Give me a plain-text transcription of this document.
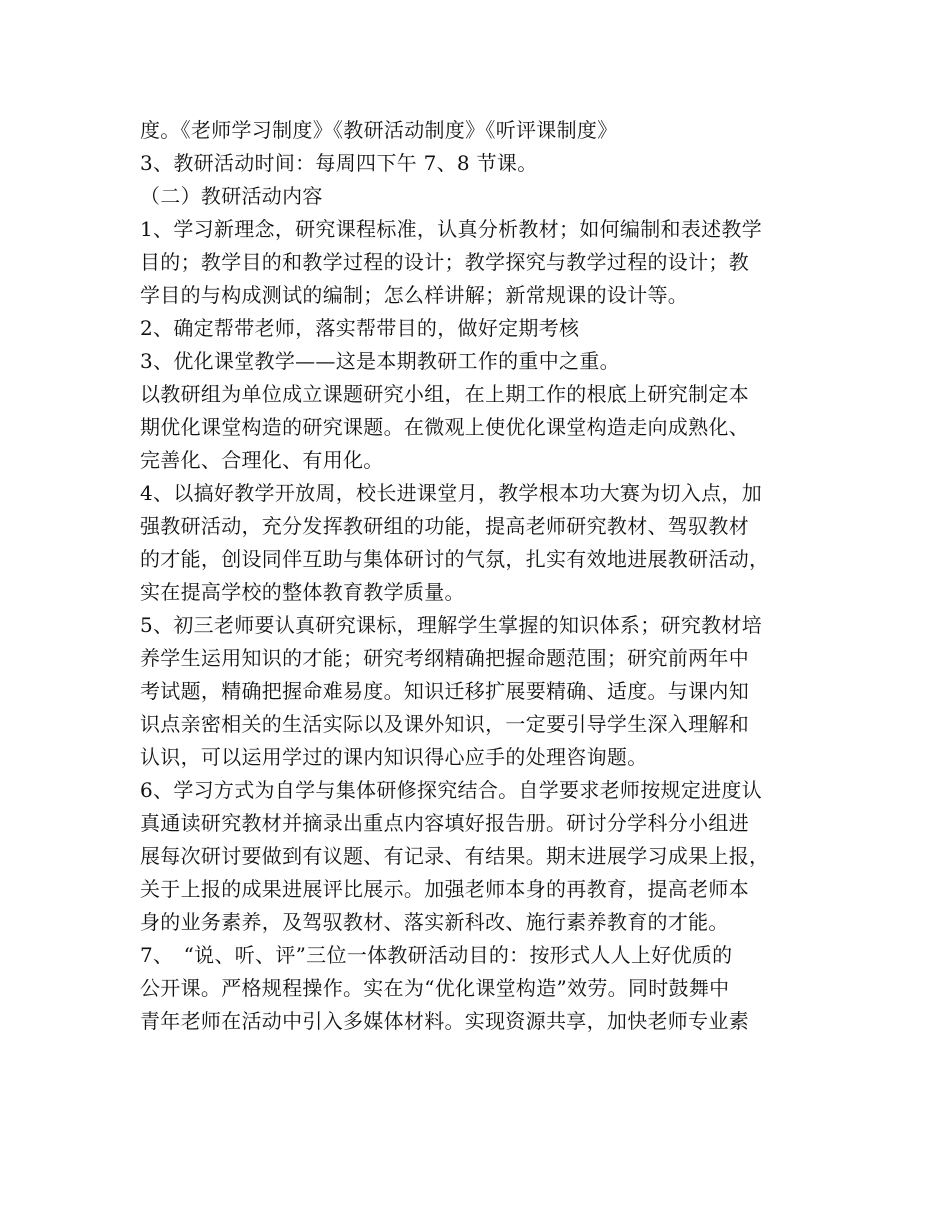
度。《老师学习制度》《教研活动制度》《听评课制度》
3、教研活动时间：每周四下午 7、8 节课。
（二）教研活动内容
1、学习新理念，研究课程标准，认真分析教材；如何编制和表述教学
目的；教学目的和教学过程的设计；教学探究与教学过程的设计；教
学目的与构成测试的编制；怎么样讲解；新常规课的设计等。
2、确定帮带老师，落实帮带目的，做好定期考核
3、优化课堂教学——这是本期教研工作的重中之重。
以教研组为单位成立课题研究小组，在上期工作的根底上研究制定本
期优化课堂构造的研究课题。在微观上使优化课堂构造走向成熟化、
完善化、合理化、有用化。
4、以搞好教学开放周，校长进课堂月，教学根本功大赛为切入点，加
强教研活动，充分发挥教研组的功能，提高老师研究教材、驾驭教材
的才能，创设同伴互助与集体研讨的气氛，扎实有效地进展教研活动，
实在提高学校的整体教育教学质量。
5、初三老师要认真研究课标，理解学生掌握的知识体系；研究教材培
养学生运用知识的才能；研究考纲精确把握命题范围；研究前两年中
考试题，精确把握命难易度。知识迁移扩展要精确、适度。与课内知
识点亲密相关的生活实际以及课外知识，一定要引导学生深入理解和
认识，可以运用学过的课内知识得心应手的处理咨询题。
6、学习方式为自学与集体研修探究结合。自学要求老师按规定进度认
真通读研究教材并摘录出重点内容填好报告册。研讨分学科分小组进
展每次研讨要做到有议题、有记录、有结果。期末进展学习成果上报，
关于上报的成果进展评比展示。加强老师本身的再教育，提高老师本
身的业务素养，及驾驭教材、落实新科改、施行素养教育的才能。
7、　“说、听、评”三位一体教研活动目的：按形式人人上好优质的
公开课。严格规程操作。实在为“优化课堂构造”效劳。同时鼓舞中
青年老师在活动中引入多媒体材料。实现资源共享，加快老师专业素
